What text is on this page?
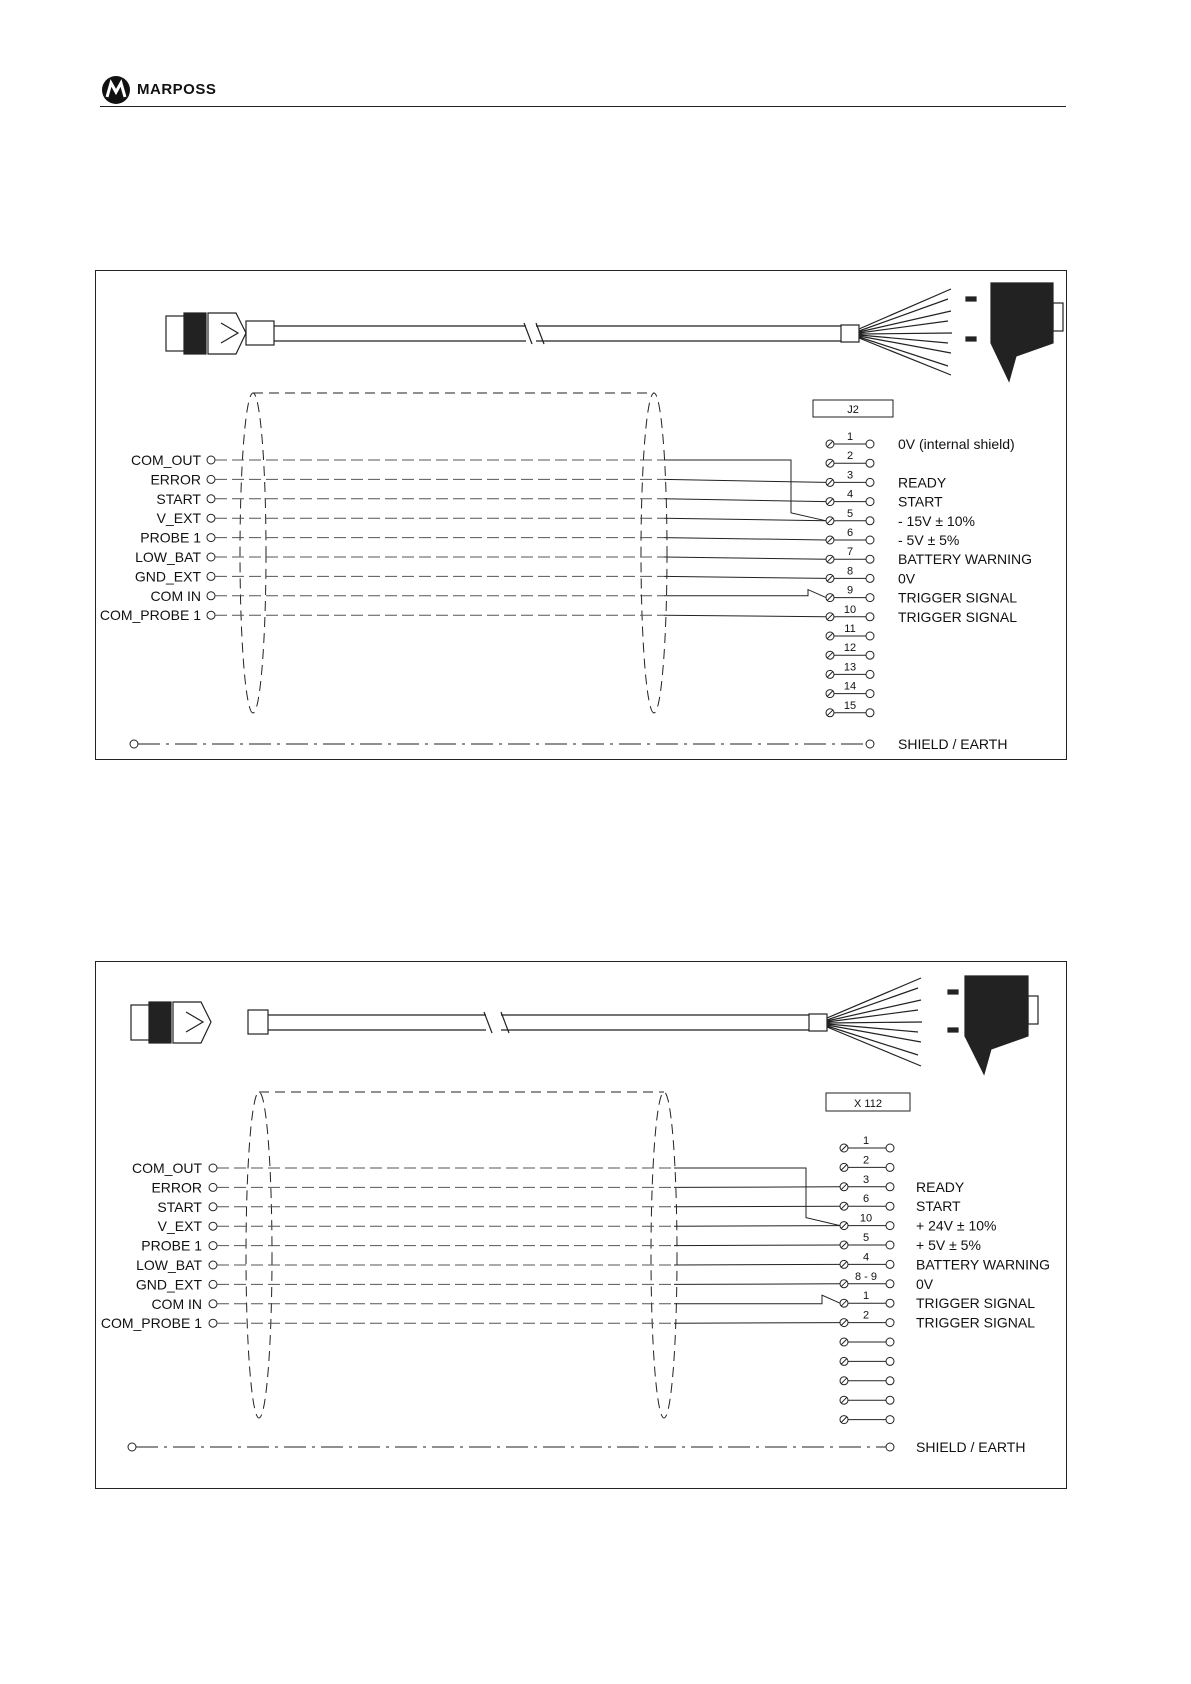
MARPOSS
J2
COM_OUT
ERROR
START
V_EXT
PROBE 1
LOW_BAT
GND_EXT
COM IN
COM_PROBE 1
1
2
3
4
5
6
7
8
9
10
11
12
13
14
15
0V (internal shield)
READY
START
- 15V ± 10%
- 5V ± 5%
BATTERY WARNING
0V
TRIGGER SIGNAL
TRIGGER SIGNAL
SHIELD / EARTH
X 112
COM_OUT
ERROR
START
V_EXT
PROBE 1
LOW_BAT
GND_EXT
COM IN
COM_PROBE 1
1
2
3
6
10
5
4
8 - 9
1
2
READY
START
+ 24V ± 10%
+ 5V ± 5%
BATTERY WARNING
0V
TRIGGER SIGNAL
TRIGGER SIGNAL
SHIELD / EARTH
